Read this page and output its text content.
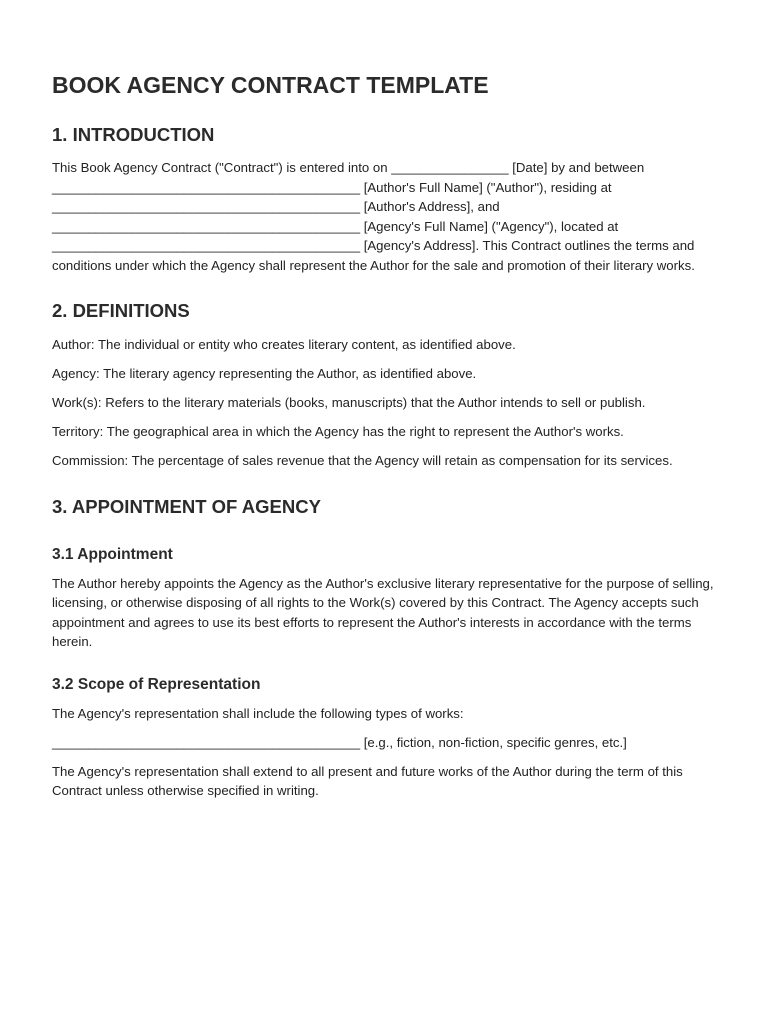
BOOK AGENCY CONTRACT TEMPLATE
1. INTRODUCTION

This Book Agency Contract ("Contract") is entered into on ________________ [Date] by and between __________________________________________ [Author's Full Name] ("Author"), residing at __________________________________________ [Author's Address], and __________________________________________ [Agency's Full Name] ("Agency"), located at __________________________________________ [Agency's Address]. This Contract outlines the terms and conditions under which the Agency shall represent the Author for the sale and promotion of their literary works.

2. DEFINITIONS

Author: The individual or entity who creates literary content, as identified above.

Agency: The literary agency representing the Author, as identified above.

Work(s): Refers to the literary materials (books, manuscripts) that the Author intends to sell or publish.

Territory: The geographical area in which the Agency has the right to represent the Author's works.

Commission: The percentage of sales revenue that the Agency will retain as compensation for its services.

3. APPOINTMENT OF AGENCY
3.1 Appointment

The Author hereby appoints the Agency as the Author's exclusive literary representative for the purpose of selling, licensing, or otherwise disposing of all rights to the Work(s) covered by this Contract. The Agency accepts such appointment and agrees to use its best efforts to represent the Author's interests in accordance with the terms herein.

3.2 Scope of Representation

The Agency's representation shall include the following types of works:

__________________________________________ [e.g., fiction, non-fiction, specific genres, etc.]

The Agency's representation shall extend to all present and future works of the Author during the term of this Contract unless otherwise specified in writing.
